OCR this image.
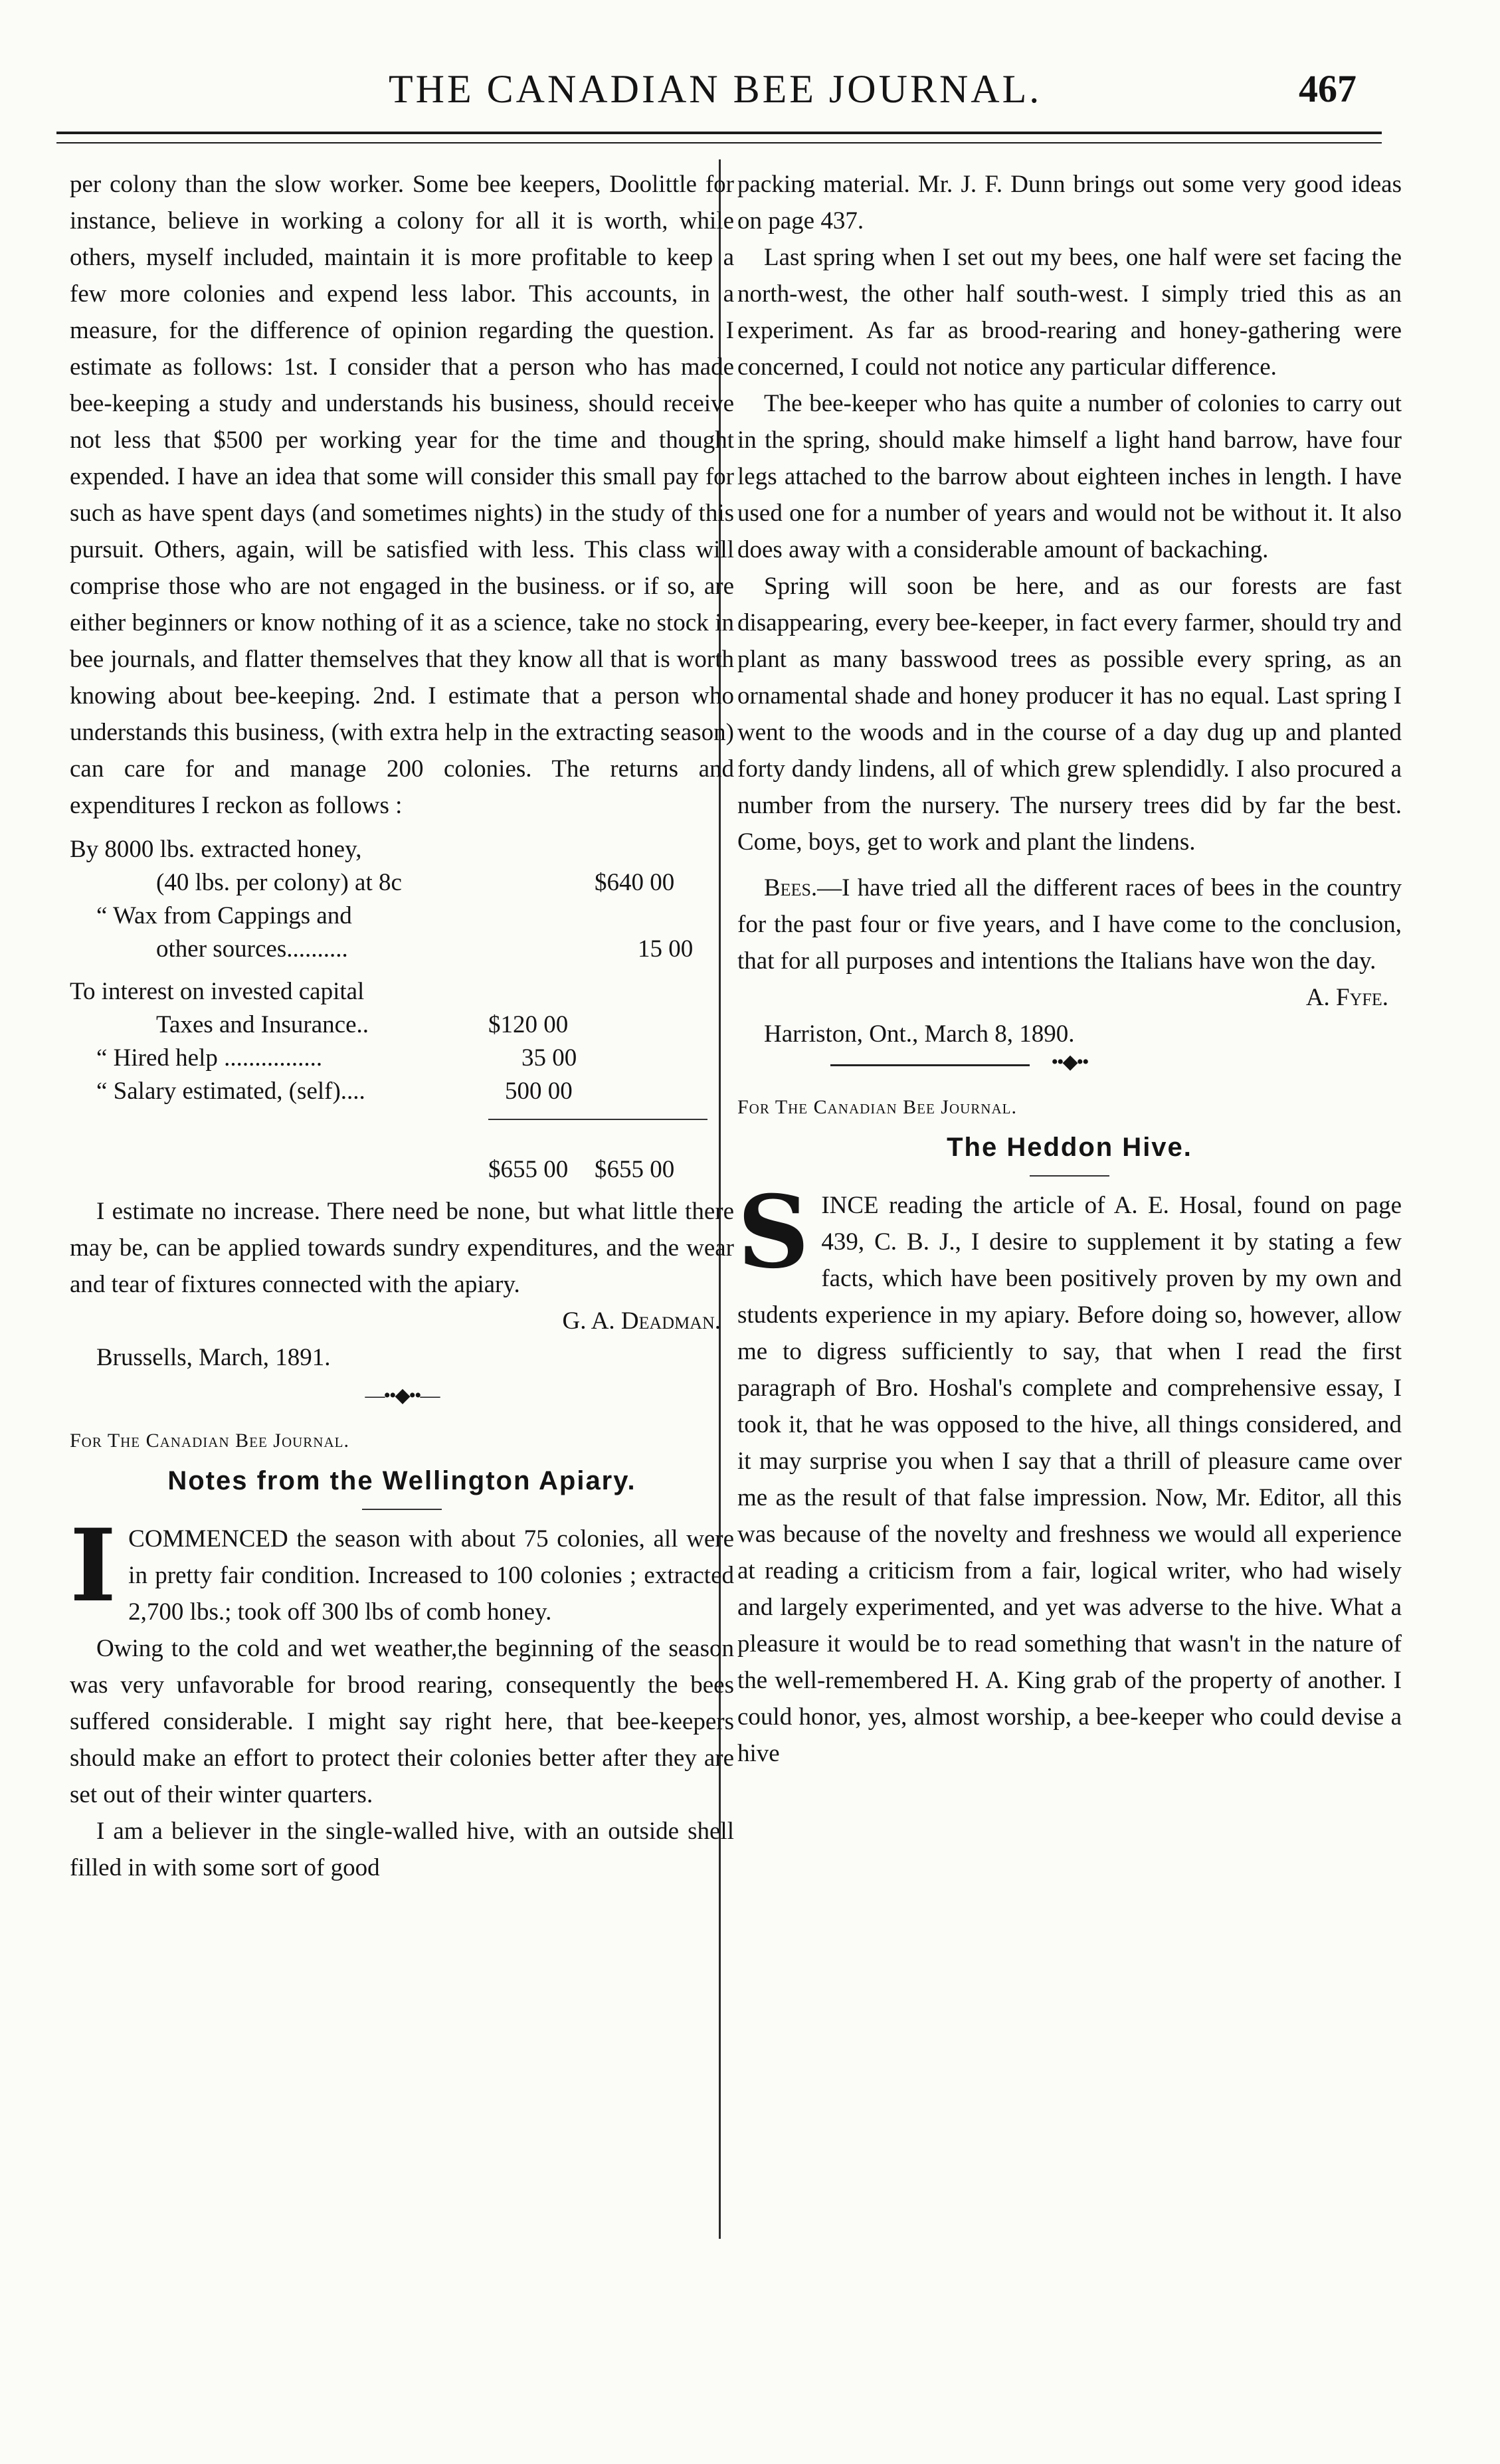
THE CANADIAN BEE JOURNAL.	467

per colony than the slow worker. Some bee keepers, Doolittle for instance, believe in working a colony for all it is worth, while others, myself included, maintain it is more profitable to keep a few more colonies and expend less labor. This accounts, in a measure, for the difference of opinion regarding the question. I estimate as follows: 1st. I consider that a person who has made bee-keeping a study and understands his business, should receive not less that $500 per working year for the time and thought expended. I have an idea that some will consider this small pay for such as have spent days (and sometimes nights) in the study of this pursuit. Others, again, will be satisfied with less. This class will comprise those who are not engaged in the business. or if so, are either beginners or know nothing of it as a science, take no stock in bee journals, and flatter themselves that they know all that is worth knowing about bee-keeping. 2nd. I estimate that a person who understands this business, (with extra help in the extracting season) can care for and manage 200 colonies. The returns and expenditures I reckon as follows :

By 8000 lbs. extracted honey,
(40 lbs. per colony) at 8c	$640 00
“ Wax from Cappings and
other sources..........	15 00
To interest on invested capital
Taxes and Insurance..	$120 00
“ Hired help ................	35 00
“ Salary estimated, (self)....	500 00
$655 00 $655 00

I estimate no increase. There need be none, but what little there may be, can be applied towards sundry expenditures, and the wear and tear of fixtures connected with the apiary.

G. A. Deadman.

Brussells, March, 1891.

—••◆••—
For The Canadian Bee Journal.
Notes from the Wellington Apiary.

ICOMMENCED the season with about 75 colonies, all were in pretty fair condition. Increased to 100 colonies ; extracted 2,700 lbs.; took off 300 lbs of comb honey.

Owing to the cold and wet weather,the beginning of the season was very unfavorable for brood rearing, consequently the bees suffered considerable. I might say right here, that bee-keepers should make an effort to protect their colonies better after they are set out of their winter quarters.

I am a believer in the single-walled hive, with an outside shell filled in with some sort of good

packing material. Mr. J. F. Dunn brings out some very good ideas on page 437.

Last spring when I set out my bees, one half were set facing the north-west, the other half south-west. I simply tried this as an experiment. As far as brood-rearing and honey-gathering were concerned, I could not notice any particular difference.

The bee-keeper who has quite a number of colonies to carry out in the spring, should make himself a light hand barrow, have four legs attached to the barrow about eighteen inches in length. I have used one for a number of years and would not be without it. It also does away with a considerable amount of backaching.

Spring will soon be here, and as our forests are fast disappearing, every bee-keeper, in fact every farmer, should try and plant as many basswood trees as possible every spring, as an ornamental shade and honey producer it has no equal. Last spring I went to the woods and in the course of a day dug up and planted forty dandy lindens, all of which grew splendidly. I also procured a number from the nursery. The nursery trees did by far the best. Come, boys, get to work and plant the lindens.

Bees.—I have tried all the different races of bees in the country for the past four or five years, and I have come to the conclusion, that for all purposes and intentions the Italians have won the day.

A. Fyfe.

Harriston, Ont., March 8, 1890.

••◆••
For The Canadian Bee Journal.
The Heddon Hive.

SINCE reading the article of A. E. Hosal, found on page 439, C. B. J., I desire to supplement it by stating a few facts, which have been positively proven by my own and students experience in my apiary. Before doing so, however, allow me to digress sufficiently to say, that when I read the first paragraph of Bro. Hoshal's complete and comprehensive essay, I took it, that he was opposed to the hive, all things considered, and it may surprise you when I say that a thrill of pleasure came over me as the result of that false impression. Now, Mr. Editor, all this was because of the novelty and freshness we would all experience at reading a criticism from a fair, logical writer, who had wisely and largely experimented, and yet was adverse to the hive. What a pleasure it would be to read something that wasn't in the nature of the well-remembered H. A. King grab of the property of another. I could honor, yes, almost worship, a bee-keeper who could devise a hive
